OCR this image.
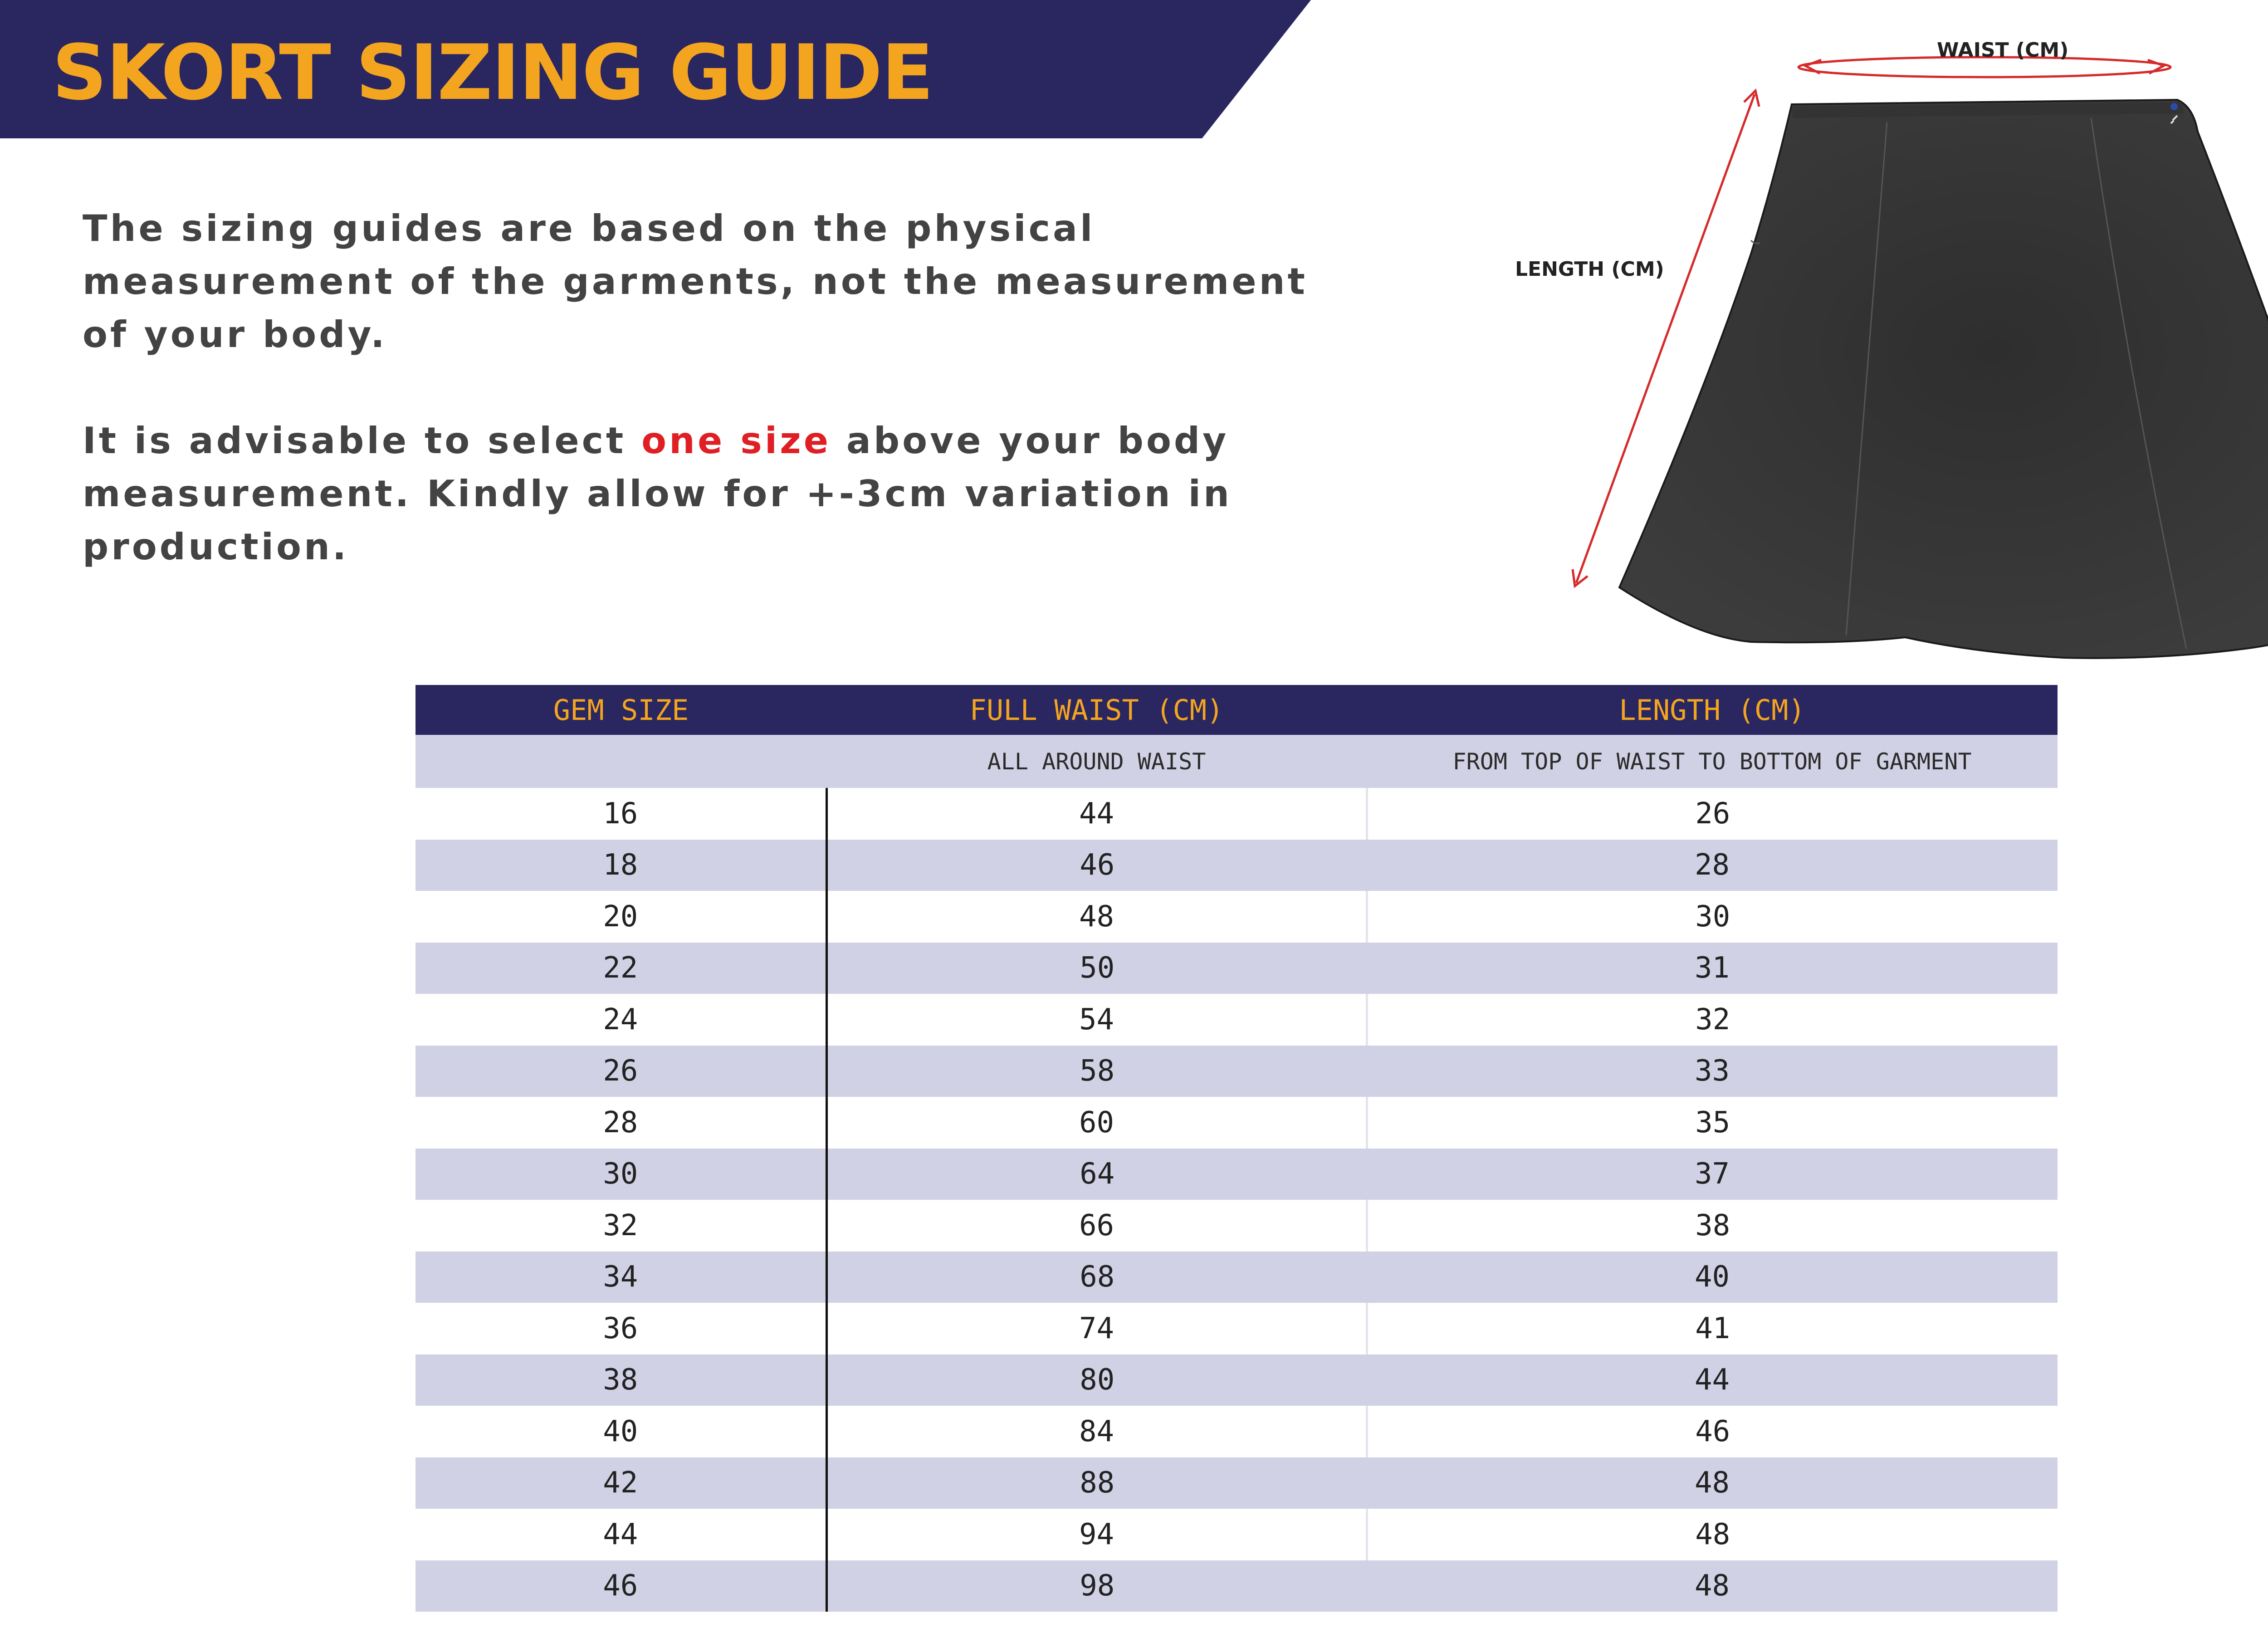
SKORT SIZING GUIDE

The sizing guides are based on the physical measurement of the garments, not the measurement of your body.

It is advisable to select one size above your body measurement. Kindly allow for +-3cm variation in production.

WAIST (CM)
LENGTH (CM)
GEM SIZE	FULL WAIST (CM)	LENGTH (CM)
	ALL AROUND WAIST	FROM TOP OF WAIST TO BOTTOM OF GARMENT
16	44	26
18	46	28
20	48	30
22	50	31
24	54	32
26	58	33
28	60	35
30	64	37
32	66	38
34	68	40
36	74	41
38	80	44
40	84	46
42	88	48
44	94	48
46	98	48
